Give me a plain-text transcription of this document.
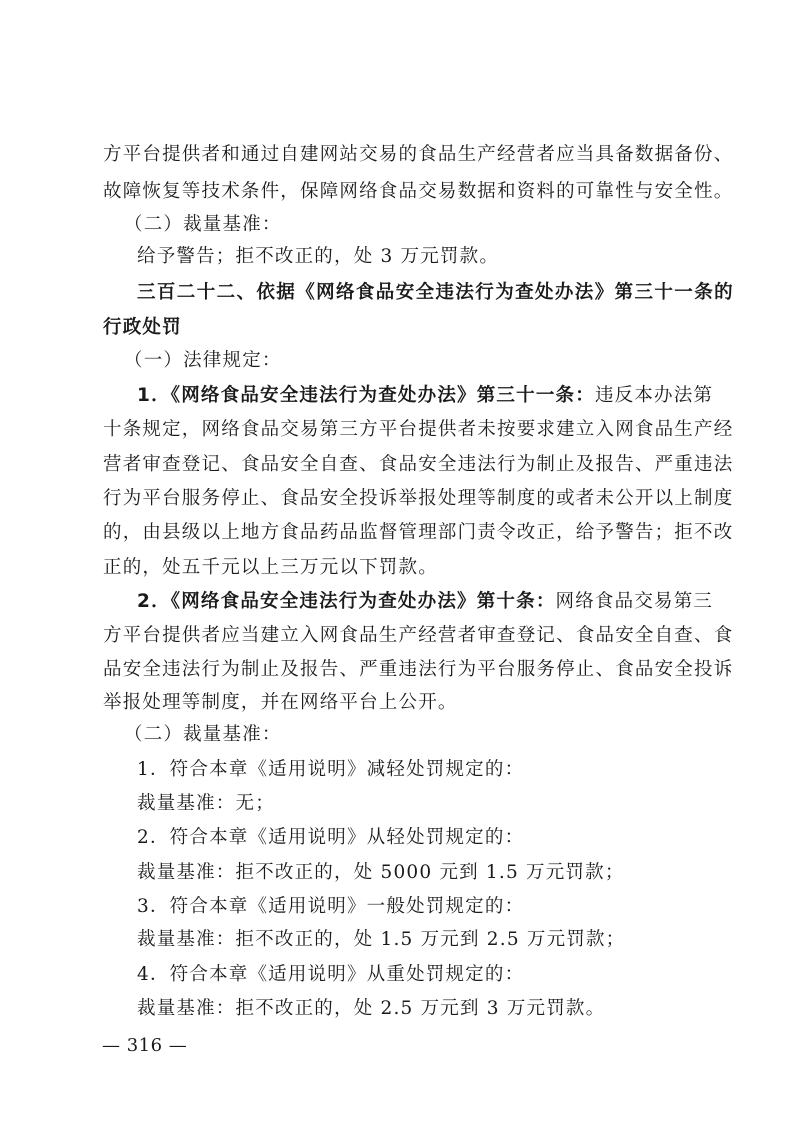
方平台提供者和通过自建网站交易的食品生产经营者应当具备数据备份、
故障恢复等技术条件，保障网络食品交易数据和资料的可靠性与安全性。
（二）裁量基准：
给予警告；拒不改正的，处 3 万元罚款。
三百二十二、依据《网络食品安全违法行为查处办法》第三十一条的
行政处罚
（一）法律规定：
1．《网络食品安全违法行为查处办法》第三十一条：违反本办法第
十条规定，网络食品交易第三方平台提供者未按要求建立入网食品生产经
营者审查登记、食品安全自查、食品安全违法行为制止及报告、严重违法
行为平台服务停止、食品安全投诉举报处理等制度的或者未公开以上制度
的，由县级以上地方食品药品监督管理部门责令改正，给予警告；拒不改
正的，处五千元以上三万元以下罚款。
2．《网络食品安全违法行为查处办法》第十条：网络食品交易第三
方平台提供者应当建立入网食品生产经营者审查登记、食品安全自查、食
品安全违法行为制止及报告、严重违法行为平台服务停止、食品安全投诉
举报处理等制度，并在网络平台上公开。
（二）裁量基准：
1．符合本章《适用说明》减轻处罚规定的：
裁量基准：无；
2．符合本章《适用说明》从轻处罚规定的：
裁量基准：拒不改正的，处 5000 元到 1.5 万元罚款；
3．符合本章《适用说明》一般处罚规定的：
裁量基准：拒不改正的，处 1.5 万元到 2.5 万元罚款；
4．符合本章《适用说明》从重处罚规定的：
裁量基准：拒不改正的，处 2.5 万元到 3 万元罚款。
— 316 —
